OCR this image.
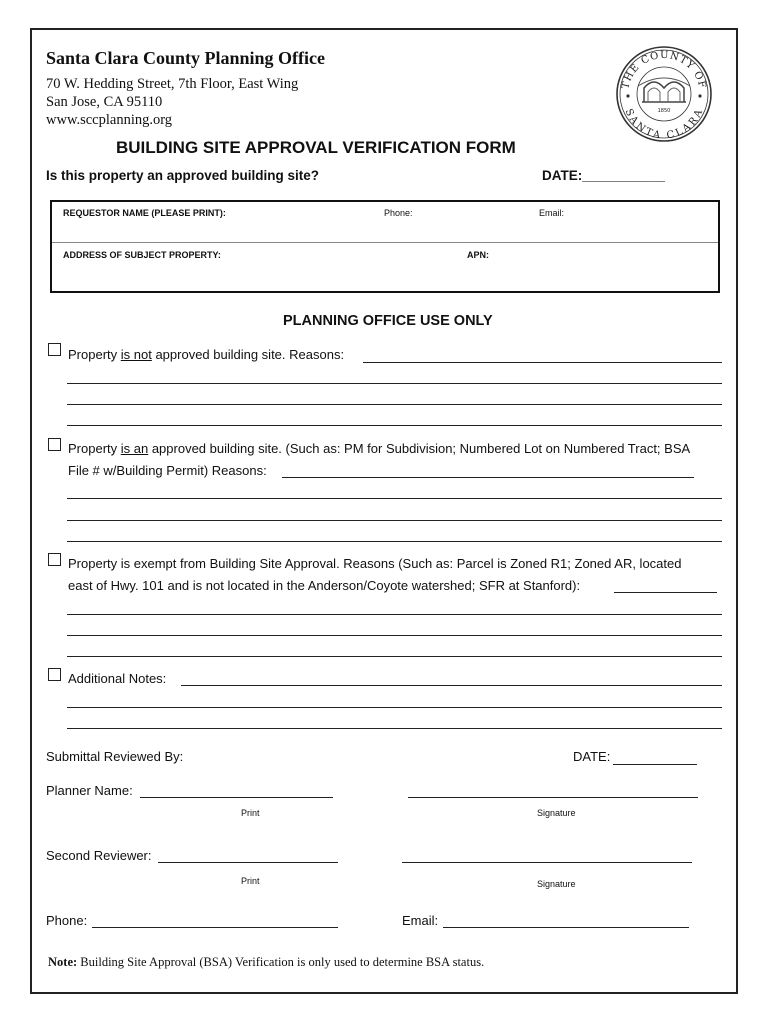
Santa Clara County Planning Office
70 W. Hedding Street, 7th Floor, East Wing
San Jose, CA 95110
www.sccplanning.org
THE COUNTY OF
SANTA CLARA
1850
BUILDING SITE APPROVAL VERIFICATION FORM
Is this property an approved building site?	DATE:___________
REQUESTOR NAME (PLEASE PRINT):	Phone:	Email:
ADDRESS OF SUBJECT PROPERTY:	APN:
PLANNING OFFICE USE ONLY
Property is not approved building site. Reasons:
Property is an approved building site. (Such as: PM for Subdivision; Numbered Lot on Numbered Tract; BSA
File # w/Building Permit) Reasons:
Property is exempt from Building Site Approval. Reasons (Such as: Parcel is Zoned R1; Zoned AR, located
east of Hwy. 101 and is not located in the Anderson/Coyote watershed; SFR at Stanford):
Additional Notes:
Submittal Reviewed By:	DATE:
Planner Name:
Print	Signature
Second Reviewer:
Print	Signature
Phone:	Email:
Note: Building Site Approval (BSA) Verification is only used to determine BSA status.
